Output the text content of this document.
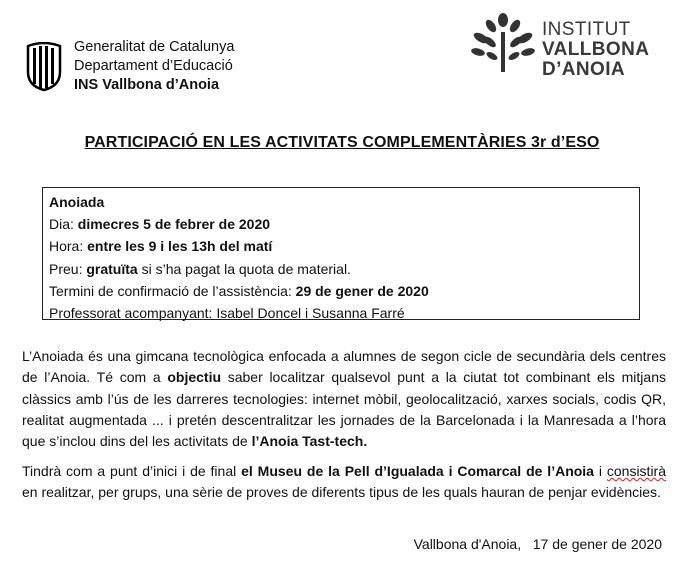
Generalitat de Catalunya
Departament d’Educació
INS Vallbona d’Anoia
INSTITUT
VALLBONA
D’ANOIA
PARTICIPACIÓ EN LES ACTIVITATS COMPLEMENTÀRIES 3r d’ESO
Anoiada
Dia: dimecres 5 de febrer de 2020
Hora: entre les 9 i les 13h del matí
Preu: gratuïta si s’ha pagat la quota de material.
Termini de confirmació de l’assistència: 29 de gener de 2020
Professorat acompanyant: Isabel Doncel i Susanna Farré
L’Anoiada és una gimcana tecnològica enfocada a alumnes de segon cicle de secundària dels centres de l’Anoia. Té com a objectiu saber localitzar qualsevol punt a la ciutat tot combinant els mitjans clàssics amb l’ús de les darreres tecnologies: internet mòbil, geolocalització, xarxes socials, codis QR, realitat augmentada ... i pretén descentralitzar les jornades de la Barcelonada i la Manresada a l’hora que s’inclou dins del les activitats de l’Anoia Tast-tech.
Tindrà com a punt d’inici i de final el Museu de la Pell d’Igualada i Comarcal de l’Anoia i consistirà en realitzar, per grups, una sèrie de proves de diferents tipus de les quals hauran de penjar evidències.
Vallbona d'Anoia,   17 de gener de 2020
